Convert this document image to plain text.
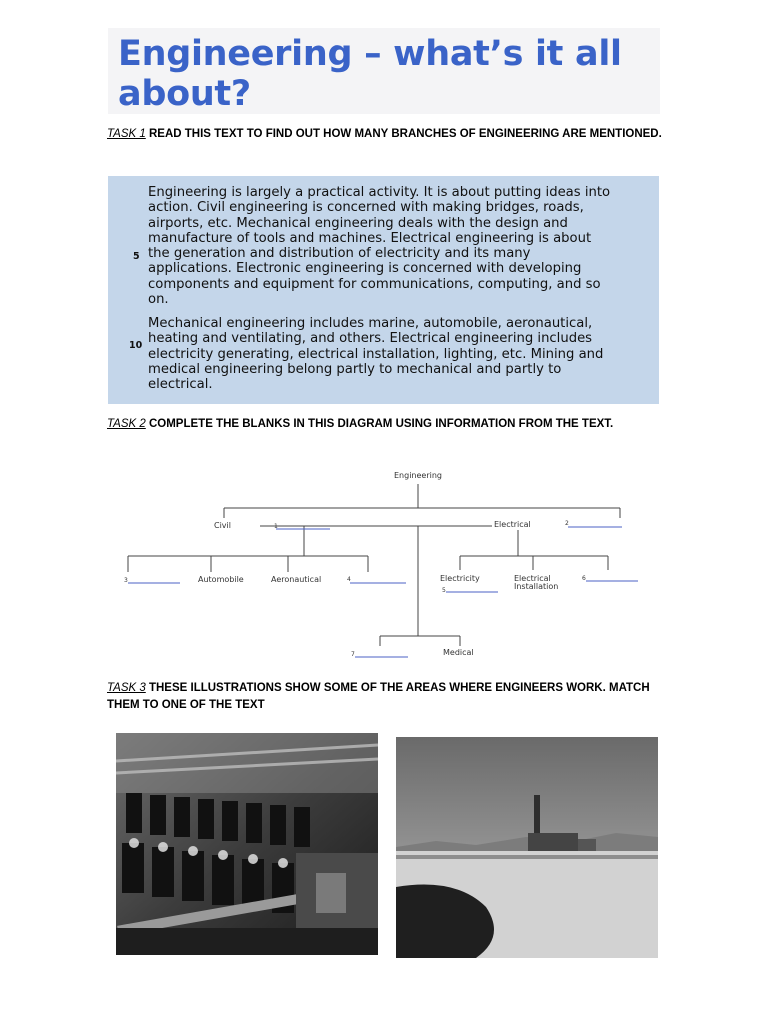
Engineering – what’s it all about?
TASK 1 READ THIS TEXT TO FIND OUT HOW MANY BRANCHES OF ENGINEERING ARE MENTIONED.
Engineering is largely a practical activity. It is about putting ideas into
action. Civil engineering is concerned with making bridges, roads,
airports, etc. Mechanical engineering deals with the design and
manufacture of tools and machines. Electrical engineering is about
the generation and distribution of electricity and its many
applications. Electronic engineering is concerned with developing
components and equipment for communications, computing, and so
on.
Mechanical engineering includes marine, automobile, aeronautical,
heating and ventilating, and others. Electrical engineering includes
electricity generating, electrical installation, lighting, etc. Mining and
medical engineering belong partly to mechanical and partly to
electrical.
5
10
TASK 2 COMPLETE THE BLANKS IN THIS DIAGRAM USING INFORMATION FROM THE TEXT.
Engineering
Civil	1	Electrical	2
3	Automobile	Aeronautical	4	Electricity
5
Electrical
Installation
6
7	Medical
TASK 3 THESE ILLUSTRATIONS SHOW SOME OF THE AREAS WHERE ENGINEERS WORK. MATCH THEM TO ONE OF THE TEXT
